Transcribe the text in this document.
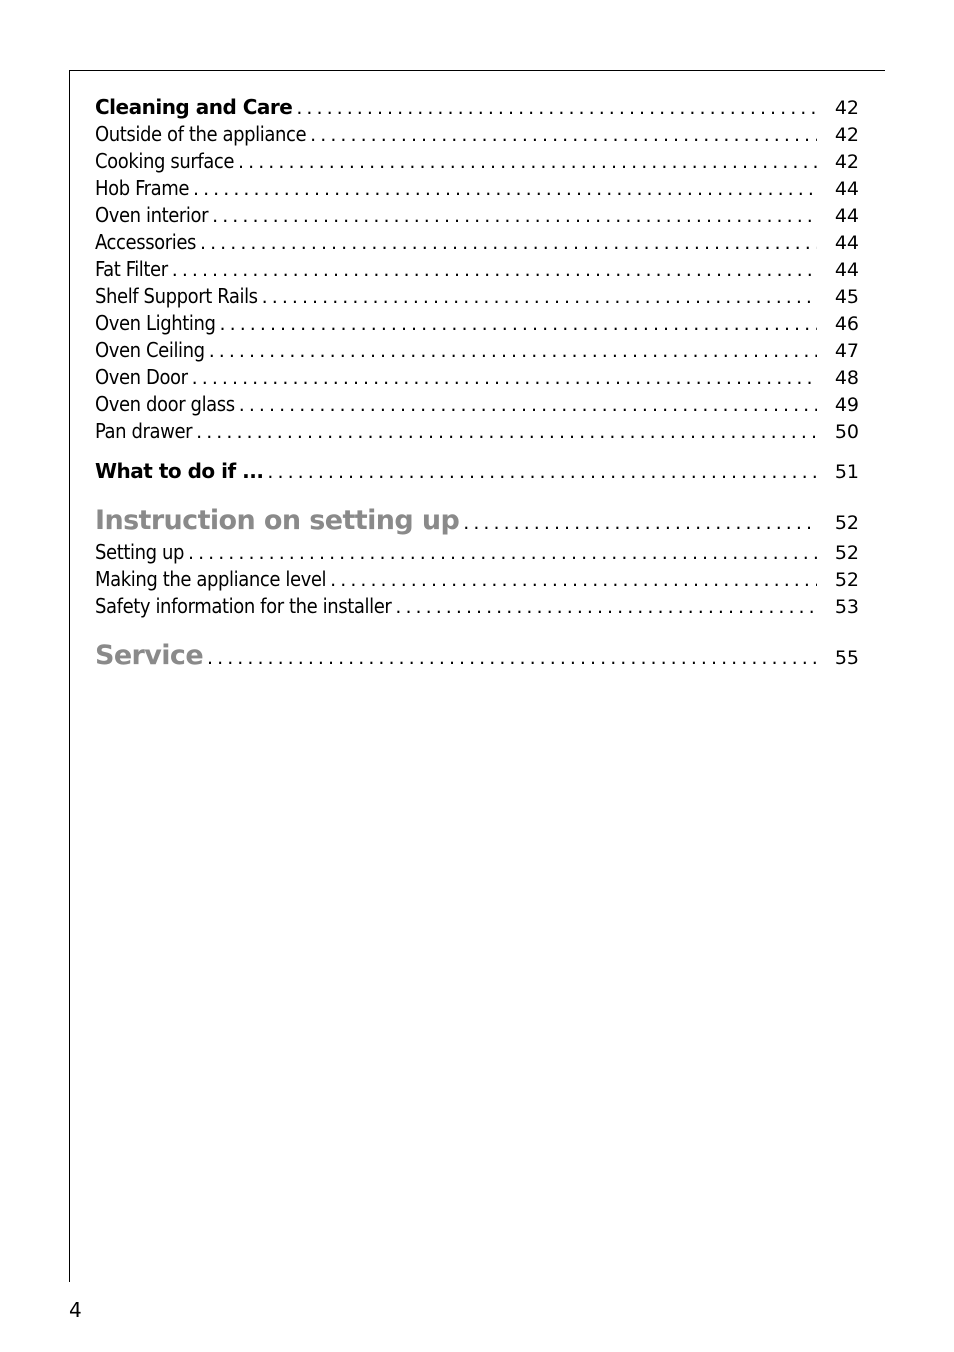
Cleaning and Care . . .	42
Outside of the appliance . . .	42
Cooking surface . . .	42
Hob Frame . . .	44
Oven interior . . .	44
Accessories . . .	44
Fat Filter . . .	44
Shelf Support Rails . . .	45
Oven Lighting . . .	46
Oven Ceiling . . .	47
Oven Door . . .	48
Oven door glass . . .	49
Pan drawer . . .	50
What to do if ... . . .	51
Instruction on setting up . . .	52
Setting up . . .	52
Making the appliance level . . .	52
Safety information for the installer . . .	53
Service . . .	55
4
